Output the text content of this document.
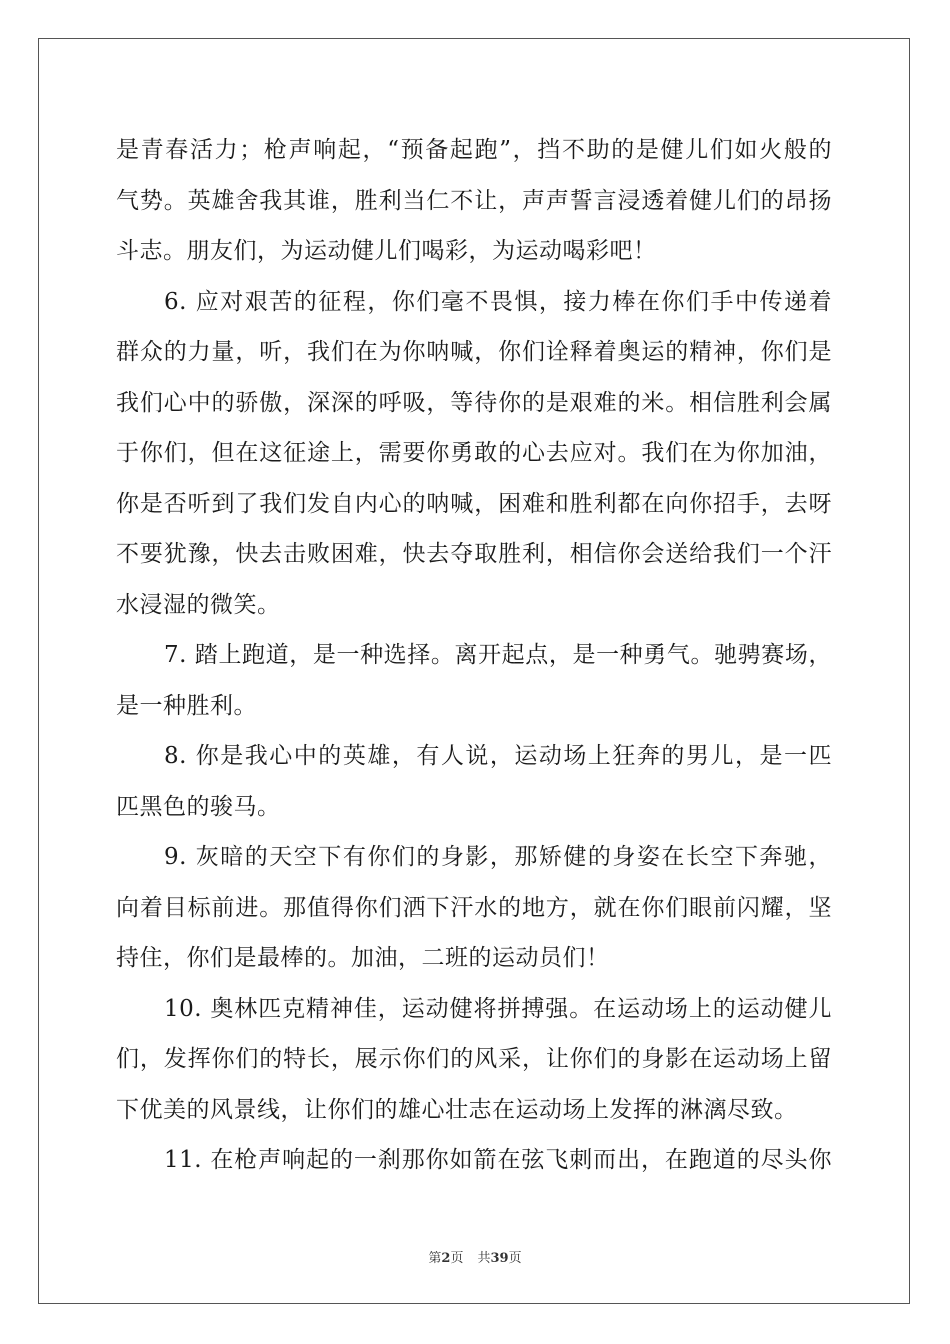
是青春活力；枪声响起，“预备起跑”，挡不助的是健儿们如火般的
气势。英雄舍我其谁，胜利当仁不让，声声誓言浸透着健儿们的昂扬
斗志。朋友们，为运动健儿们喝彩，为运动喝彩吧！
6. 应对艰苦的征程，你们毫不畏惧，接力棒在你们手中传递着
群众的力量，听，我们在为你呐喊，你们诠释着奥运的精神，你们是
我们心中的骄傲，深深的呼吸，等待你的是艰难的米。相信胜利会属
于你们，但在这征途上，需要你勇敢的心去应对。我们在为你加油，
你是否听到了我们发自内心的呐喊，困难和胜利都在向你招手，去呀
不要犹豫，快去击败困难，快去夺取胜利，相信你会送给我们一个汗
水浸湿的微笑。
7. 踏上跑道，是一种选择。离开起点，是一种勇气。驰骋赛场，
是一种胜利。
8. 你是我心中的英雄，有人说，运动场上狂奔的男儿，是一匹
匹黑色的骏马。
9. 灰暗的天空下有你们的身影，那矫健的身姿在长空下奔驰，
向着目标前进。那值得你们洒下汗水的地方，就在你们眼前闪耀，坚
持住，你们是最棒的。加油，二班的运动员们！
10. 奥林匹克精神佳，运动健将拼搏强。在运动场上的运动健儿
们，发挥你们的特长，展示你们的风采，让你们的身影在运动场上留
下优美的风景线，让你们的雄心壮志在运动场上发挥的淋漓尽致。
11. 在枪声响起的一刹那你如箭在弦飞刺而出，在跑道的尽头你
第2页 共39页
